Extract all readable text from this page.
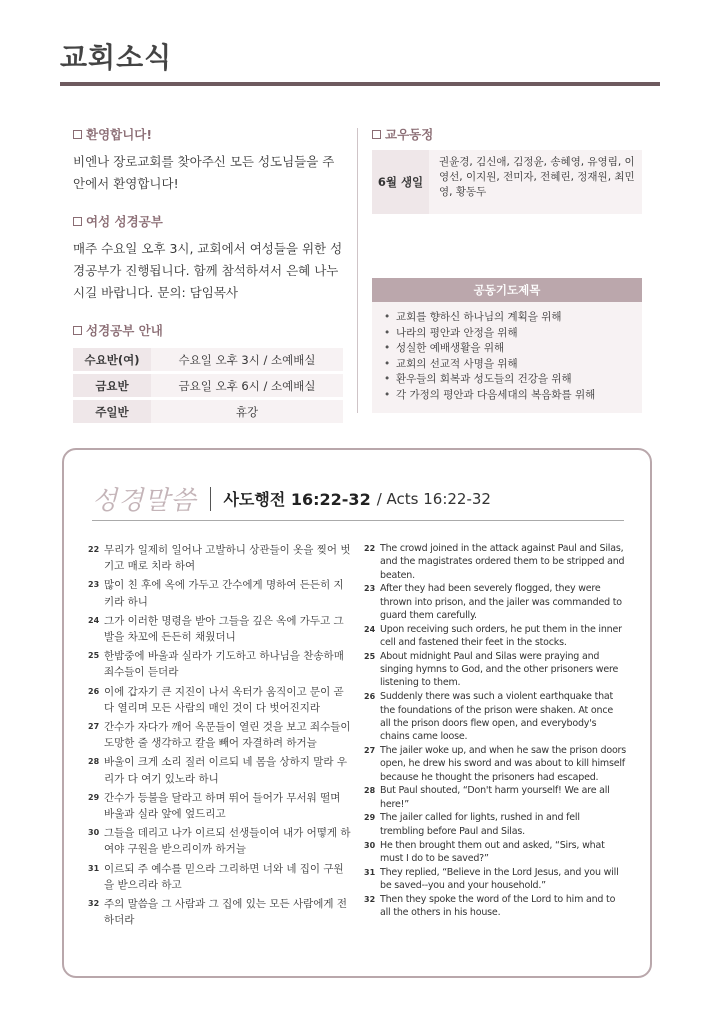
교회소식
환영합니다!
비엔나 장로교회를 찾아주신 모든 성도님들을 주 안에서 환영합니다!
여성 성경공부
매주 수요일 오후 3시, 교회에서 여성들을 위한 성경공부가 진행됩니다. 함께 참석하셔서 은혜 나누시길 바랍니다. 문의: 담임목사
성경공부 안내
수요반(여)	수요일 오후 3시 / 소예배실
금요반	금요일 오후 6시 / 소예배실
주일반	휴강
교우동정
6월 생일
권윤경, 김신애, 김정윤, 송혜영, 유영림, 이영선, 이지원, 전미자, 전혜린, 정재원, 최민영, 황동두
공동기도제목
• 교회를 향하신 하나님의 계획을 위해
• 나라의 평안과 안정을 위해
• 성실한 예배생활을 위해
• 교회의 선교적 사명을 위해
• 환우들의 회복과 성도들의 건강을 위해
• 각 가정의 평안과 다음세대의 복음화를 위해
성경말씀 사도행전 16:22-32 / Acts 16:22-32
22 무리가 일제히 일어나 고발하니 상관들이 옷을 찢어 벗기고 매로 치라 하여
23 많이 친 후에 옥에 가두고 간수에게 명하여 든든히 지키라 하니
24 그가 이러한 명령을 받아 그들을 깊은 옥에 가두고 그 발을 차꼬에 든든히 채웠더니
25 한밤중에 바울과 실라가 기도하고 하나님을 찬송하매 죄수들이 듣더라
26 이에 갑자기 큰 지진이 나서 옥터가 움직이고 문이 곧 다 열리며 모든 사람의 매인 것이 다 벗어진지라
27 간수가 자다가 깨어 옥문들이 열린 것을 보고 죄수들이 도망한 줄 생각하고 칼을 빼어 자결하려 하거늘
28 바울이 크게 소리 질러 이르되 네 몸을 상하지 말라 우리가 다 여기 있노라 하니
29 간수가 등불을 달라고 하며 뛰어 들어가 무서워 떨며 바울과 실라 앞에 엎드리고
30 그들을 데리고 나가 이르되 선생들이여 내가 어떻게 하여야 구원을 받으리이까 하거늘
31 이르되 주 예수를 믿으라 그리하면 너와 네 집이 구원을 받으리라 하고
32 주의 말씀을 그 사람과 그 집에 있는 모든 사람에게 전하더라
22 The crowd joined in the attack against Paul and Silas, and the magistrates ordered them to be stripped and beaten.
23 After they had been severely flogged, they were thrown into prison, and the jailer was commanded to guard them carefully.
24 Upon receiving such orders, he put them in the inner cell and fastened their feet in the stocks.
25 About midnight Paul and Silas were praying and singing hymns to God, and the other prisoners were listening to them.
26 Suddenly there was such a violent earthquake that the foundations of the prison were shaken. At once all the prison doors flew open, and everybody's chains came loose.
27 The jailer woke up, and when he saw the prison doors open, he drew his sword and was about to kill himself because he thought the prisoners had escaped.
28 But Paul shouted, “Don't harm yourself! We are all here!”
29 The jailer called for lights, rushed in and fell trembling before Paul and Silas.
30 He then brought them out and asked, “Sirs, what must I do to be saved?”
31 They replied, “Believe in the Lord Jesus, and you will be saved--you and your household.”
32 Then they spoke the word of the Lord to him and to all the others in his house.
